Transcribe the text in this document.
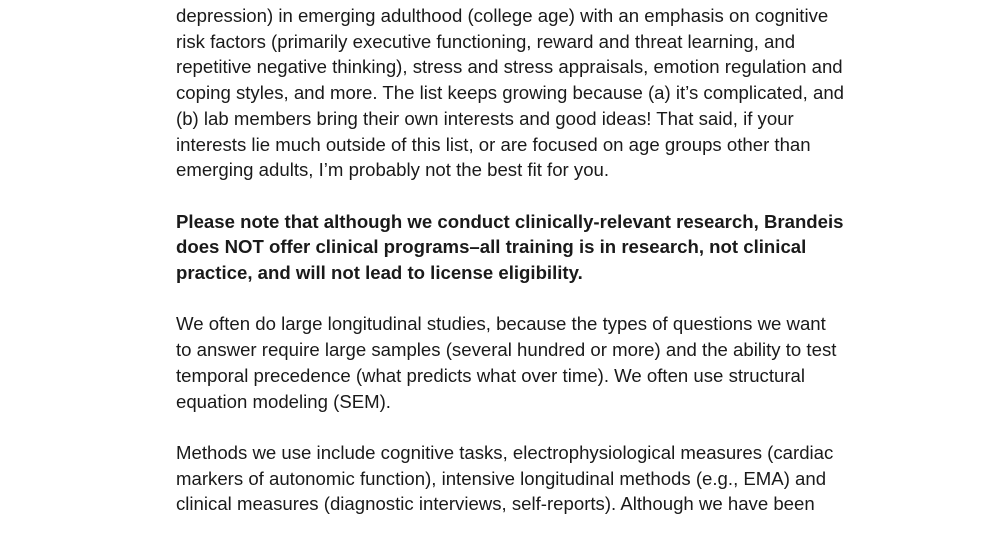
depression) in emerging adulthood (college age) with an emphasis on cognitive
risk factors (primarily executive functioning, reward and threat learning, and
repetitive negative thinking), stress and stress appraisals, emotion regulation and
coping styles, and more. The list keeps growing because (a) it’s complicated, and
(b) lab members bring their own interests and good ideas! That said, if your
interests lie much outside of this list, or are focused on age groups other than
emerging adults, I’m probably not the best fit for you.

Please note that although we conduct clinically-relevant research, Brandeis
does NOT offer clinical programs–all training is in research, not clinical
practice, and will not lead to license eligibility.

We often do large longitudinal studies, because the types of questions we want
to answer require large samples (several hundred or more) and the ability to test
temporal precedence (what predicts what over time). We often use structural
equation modeling (SEM).

Methods we use include cognitive tasks, electrophysiological measures (cardiac
markers of autonomic function), intensive longitudinal methods (e.g., EMA) and
clinical measures (diagnostic interviews, self-reports). Although we have been
